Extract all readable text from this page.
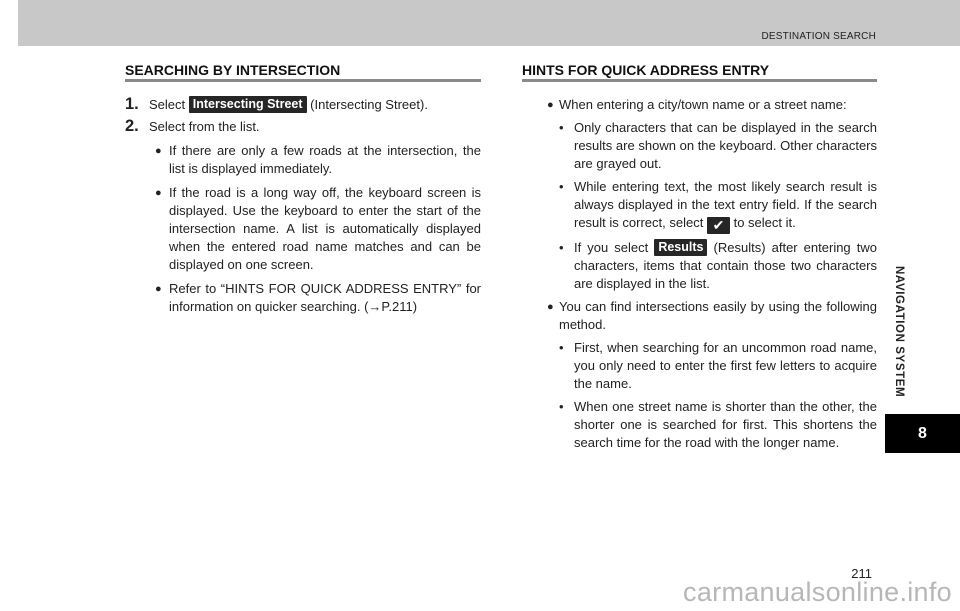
DESTINATION SEARCH
NAVIGATION SYSTEM
8
SEARCHING BY INTERSECTION
1. Select Intersecting Street (Intersecting Street).
2. Select from the list.
● If there are only a few roads at the intersection, the list is displayed immediately.
● If the road is a long way off, the keyboard screen is displayed. Use the keyboard to enter the start of the intersection name. A list is automatically displayed when the entered road name matches and can be displayed on one screen.
● Refer to “HINTS FOR QUICK ADDRESS ENTRY” for information on quicker searching. (→P.211)
HINTS FOR QUICK ADDRESS ENTRY
● When entering a city/town name or a street name:
• Only characters that can be displayed in the search results are shown on the keyboard. Other characters are grayed out.
• While entering text, the most likely search result is always displayed in the text entry field. If the search result is correct, select ✔ to select it.
• If you select Results (Results) after entering two characters, items that contain those two characters are displayed in the list.
● You can find intersections easily by using the following method.
• First, when searching for an uncommon road name, you only need to enter the first few letters to acquire the name.
• When one street name is shorter than the other, the shorter one is searched for first. This shortens the search time for the road with the longer name.
211
carmanualsonline.info
